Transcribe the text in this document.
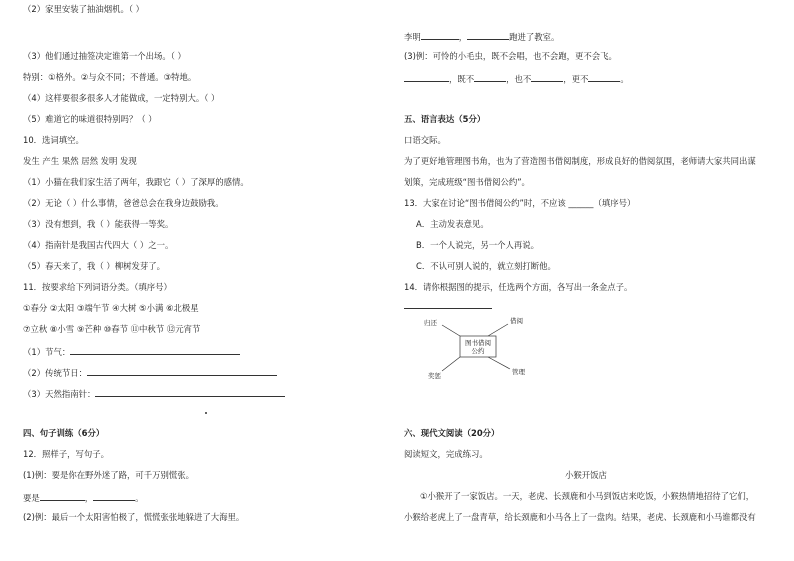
（2）家里安装了抽油烟机。（ ）
（3）他们通过抽签决定谁第一个出场。（ ）
特别：①格外。②与众不同；不普通。③特地。
（4）这样要很多很多人才能做成，一定特别大。（ ）
（5）难道它的味道很特别吗？（ ）
10．选词填空。
发生 产生 果然 居然 发明 发现
（1）小猫在我们家生活了两年，我跟它（ ）了深厚的感情。
（2）无论（ ）什么事情，爸爸总会在我身边鼓励我。
（3）没有想到，我（ ）能获得一等奖。
（4）指南针是我国古代四大（ ）之一。
（5）春天来了，我（ ）柳树发芽了。
11．按要求给下列词语分类。（填序号）
①春分 ②太阳 ③端午节 ④大树 ⑤小满 ⑥北极星
⑦立秋 ⑧小雪 ⑨芒种 ⑩春节 ⑪中秋节 ⑫元宵节
（1）节气：
（2）传统节日：
（3）天然指南针：
四、句子训练（6分）
12．照样子，写句子。
(1)例：要是你在野外迷了路，可千万别慌张。
要是	，	。
(2)例：最后一个太阳害怕极了，慌慌张张地躲进了大海里。
李明	，	跑进了教室。
(3)例：可怜的小毛虫，既不会唱，也不会跑，更不会飞。
，既不	，也不	，更不	。
五、语言表达（5分）
口语交际。
为了更好地管理图书角，也为了营造图书借阅制度，形成良好的借阅氛围，老师请大家共同出谋
划策，完成班级“图书借阅公约”。
13．大家在讨论“图书借阅公约”时，不应该 ______（填序号）
A．主动发表意见。
B．一个人说完，另一个人再说。
C．不认可别人说的，就立刻打断他。
14．请你根据图的提示，任选两个方面，各写出一条金点子。
图书借阅
公约
归还	借阅
奖惩	管理
六、现代文阅读（20分）
阅读短文，完成练习。
小猴开饭店
①小猴开了一家饭店。一天，老虎、长颈鹿和小马到饭店来吃饭，小猴热情地招待了它们，
小猴给老虎上了一盘青草，给长颈鹿和小马各上了一盘肉。结果，老虎、长颈鹿和小马谁都没有
